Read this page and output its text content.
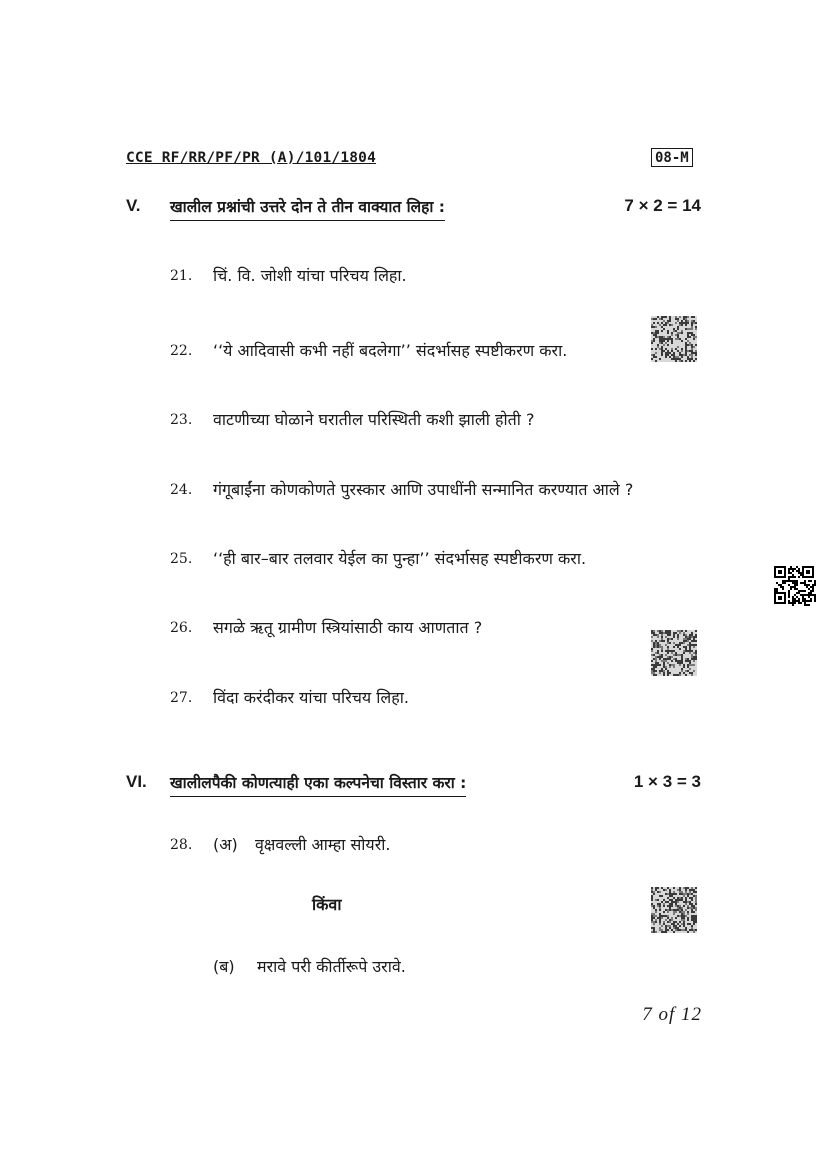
CCE RF/RR/PF/PR (A)/101/1804	08-M
V. खालील प्रश्नांची उत्तरे दोन ते तीन वाक्यात लिहा :	7 × 2 = 14
21. चिं. वि. जोशी यांचा परिचय लिहा.
22. ‘‘ये आदिवासी कभी नहीं बदलेगा’’ संदर्भासह स्पष्टीकरण करा.
23. वाटणीच्या घोळाने घरातील परिस्थिती कशी झाली होती ?
24. गंगूबाईंना कोणकोणते पुरस्कार आणि उपाधींनी सन्मानित करण्यात आले ?
25. ‘‘ही बार–बार तलवार येईल का पुन्हा’’ संदर्भासह स्पष्टीकरण करा.
26. सगळे ऋतू ग्रामीण स्त्रियांसाठी काय आणतात ?
27. विंदा करंदीकर यांचा परिचय लिहा.
VI. खालीलपैकी कोणत्याही एका कल्पनेचा विस्तार करा :	1 × 3 = 3
28. (अ) वृक्षवल्ली आम्हा सोयरी.
किंवा
(ब) मरावे परी कीर्तीरूपे उरावे.
7 of 12
